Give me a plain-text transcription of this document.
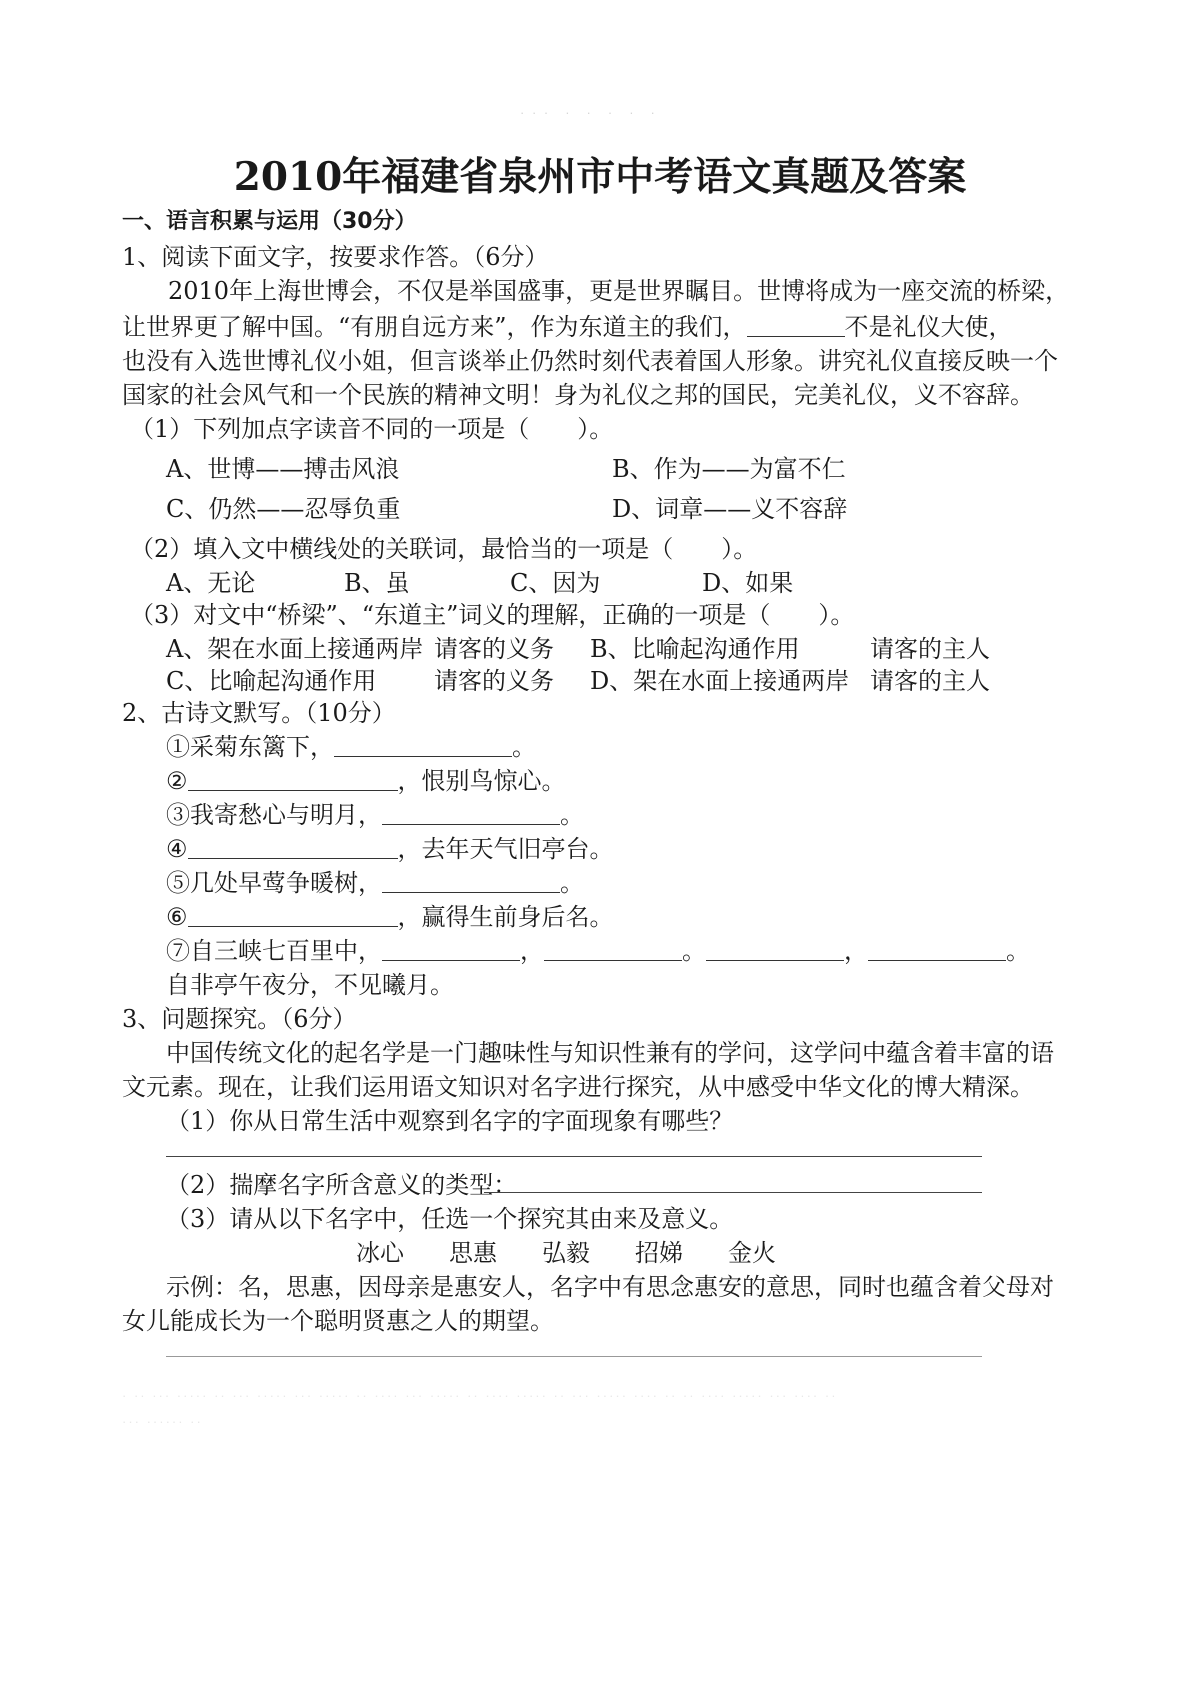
· · ·　·　·　·　·　·
2010年福建省泉州市中考语文真题及答案
一、语言积累与运用（30分）
1、阅读下面文字，按要求作答。（6分）
2010年上海世博会，不仅是举国盛事，更是世界瞩目。世博将成为一座交流的桥梁，
让世界更了解中国。“有朋自远方来”，作为东道主的我们，	不是礼仪大使，
也没有入选世博礼仪小姐，但言谈举止仍然时刻代表着国人形象。讲究礼仪直接反映一个
国家的社会风气和一个民族的精神文明！身为礼仪之邦的国民，完美礼仪，义不容辞。
（1）下列加点字读音不同的一项是（　　）。
A、世博——搏击风浪	B、作为——为富不仁
C、仍然——忍辱负重	D、词章——义不容辞
（2）填入文中横线处的关联词，最恰当的一项是（　　）。
A、无论	B、虽	C、因为	D、如果
（3）对文中“桥梁”、“东道主”词义的理解，正确的一项是（　　）。
A、架在水面上接通两岸 请客的义务 B、比喻起沟通作用	请客的主人
C、比喻起沟通作用 请客的义务 D、架在水面上接通两岸 请客的主人
2、古诗文默写。（10分）
①采菊东篱下，	。
②	，恨别鸟惊心。
③我寄愁心与明月，	。
④	，去年天气旧亭台。
⑤几处早莺争暖树，	。
⑥	，赢得生前身后名。
⑦自三峡七百里中，	，	。	，	。
自非亭午夜分，不见曦月。
3、问题探究。（6分）
中国传统文化的起名学是一门趣味性与知识性兼有的学问，这学问中蕴含着丰富的语
文元素。现在，让我们运用语文知识对名字进行探究，从中感受中华文化的博大精深。
（1）你从日常生活中观察到名字的字面现象有哪些？
（2）揣摩名字所含意义的类型：
（3）请从以下名字中，任选一个探究其由来及意义。
冰心 思惠 弘毅 招娣 金火
示例：名，思惠，因母亲是惠安人，名字中有思念惠安的意思，同时也蕴含着父母对
女儿能成长为一个聪明贤惠之人的期望。
· ·· ··· ····· ·· ··· ····· ··· ····· ·· ···· ··· ····· ·· ···· ····· ·· ··· ····· ···· ·· ·· ···· ····· ··· ···· ··
··· ······ ··
